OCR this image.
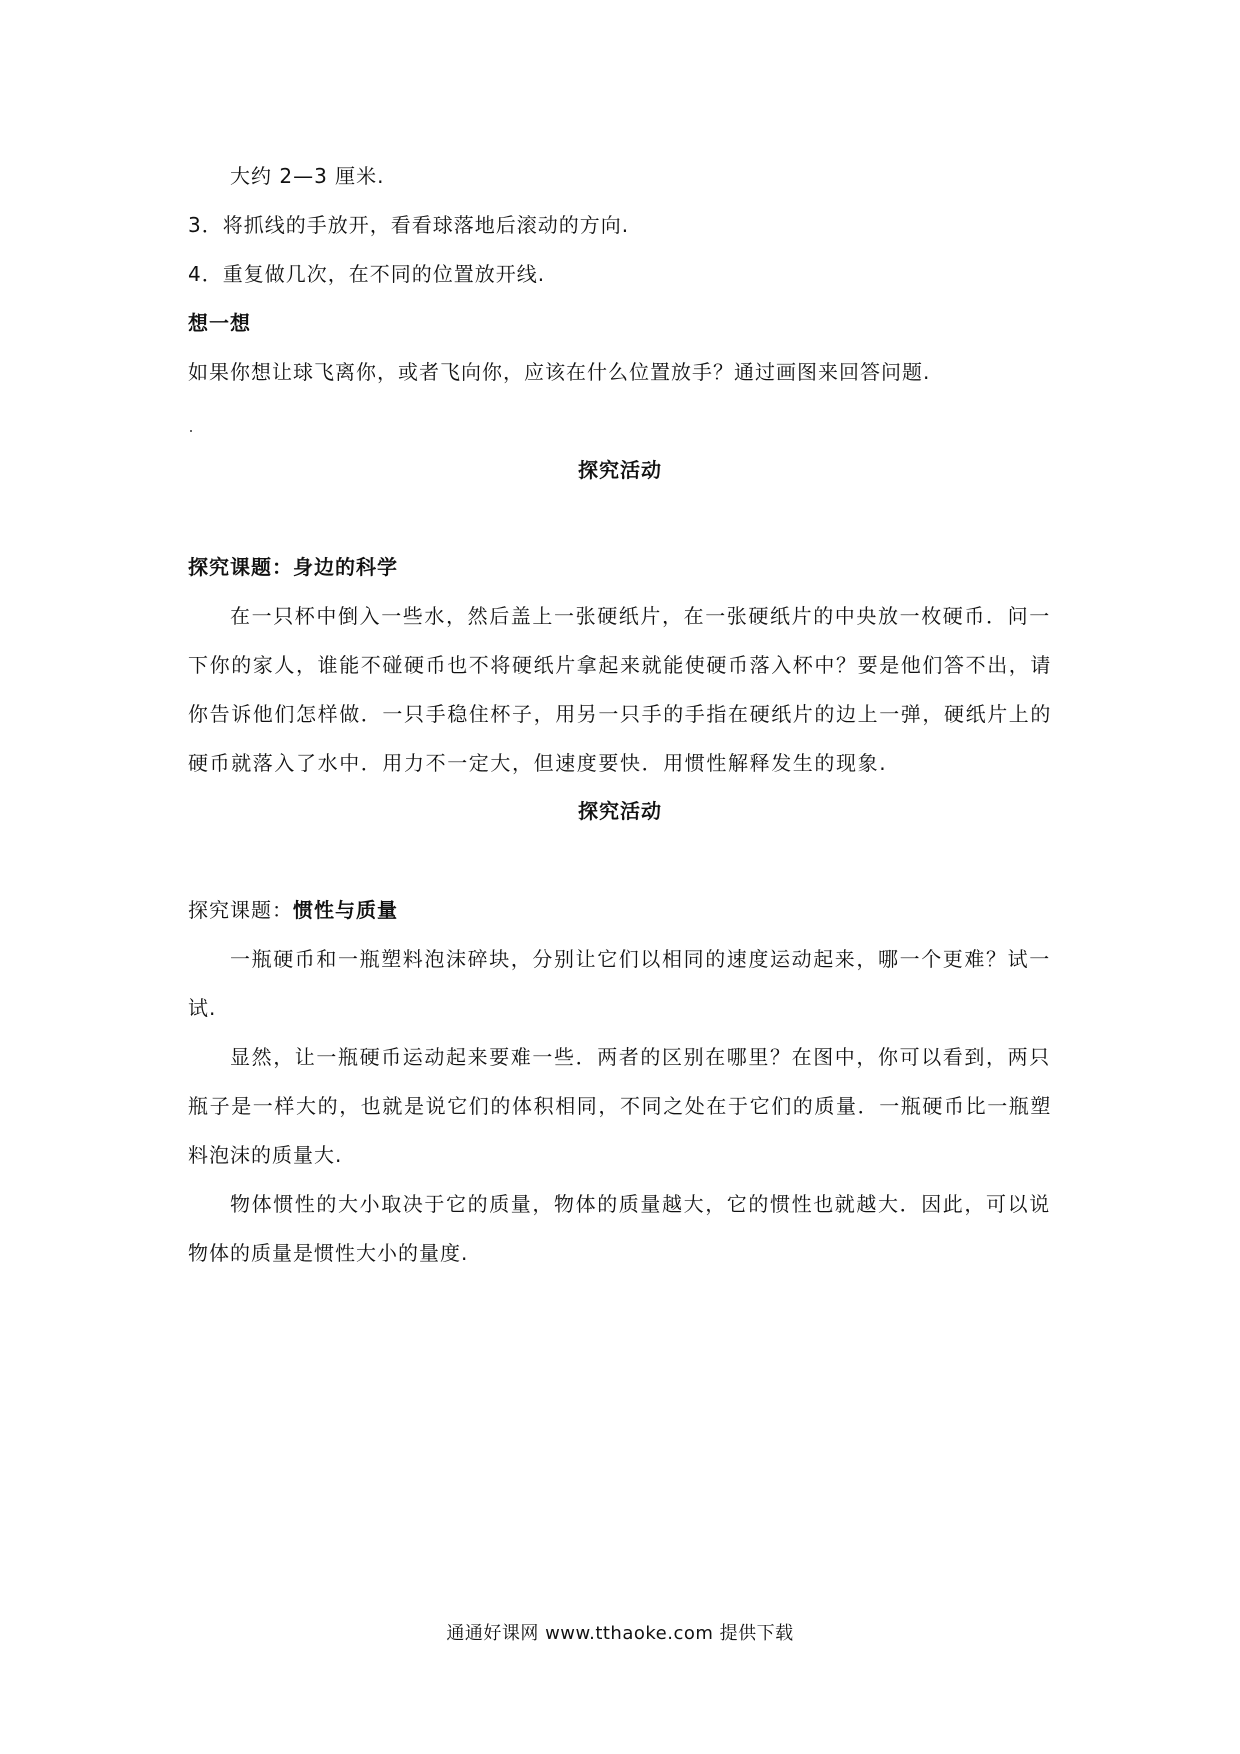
大约 2—3 厘米.
3．将抓线的手放开，看看球落地后滚动的方向.
4．重复做几次，在不同的位置放开线.
想一想
如果你想让球飞离你，或者飞向你，应该在什么位置放手？通过画图来回答问题.
探究活动
探究课题：身边的科学
在一只杯中倒入一些水，然后盖上一张硬纸片，在一张硬纸片的中央放一枚硬币．问一
下你的家人，谁能不碰硬币也不将硬纸片拿起来就能使硬币落入杯中？要是他们答不出，请
你告诉他们怎样做．一只手稳住杯子，用另一只手的手指在硬纸片的边上一弹，硬纸片上的
硬币就落入了水中．用力不一定大，但速度要快．用惯性解释发生的现象.
探究活动
探究课题：惯性与质量
一瓶硬币和一瓶塑料泡沫碎块，分别让它们以相同的速度运动起来，哪一个更难？试一
试.
显然，让一瓶硬币运动起来要难一些．两者的区别在哪里？在图中，你可以看到，两只
瓶子是一样大的，也就是说它们的体积相同，不同之处在于它们的质量．一瓶硬币比一瓶塑
料泡沫的质量大.
物体惯性的大小取决于它的质量，物体的质量越大，它的惯性也就越大．因此，可以说
物体的质量是惯性大小的量度.
通通好课网 www.tthaoke.com 提供下载
